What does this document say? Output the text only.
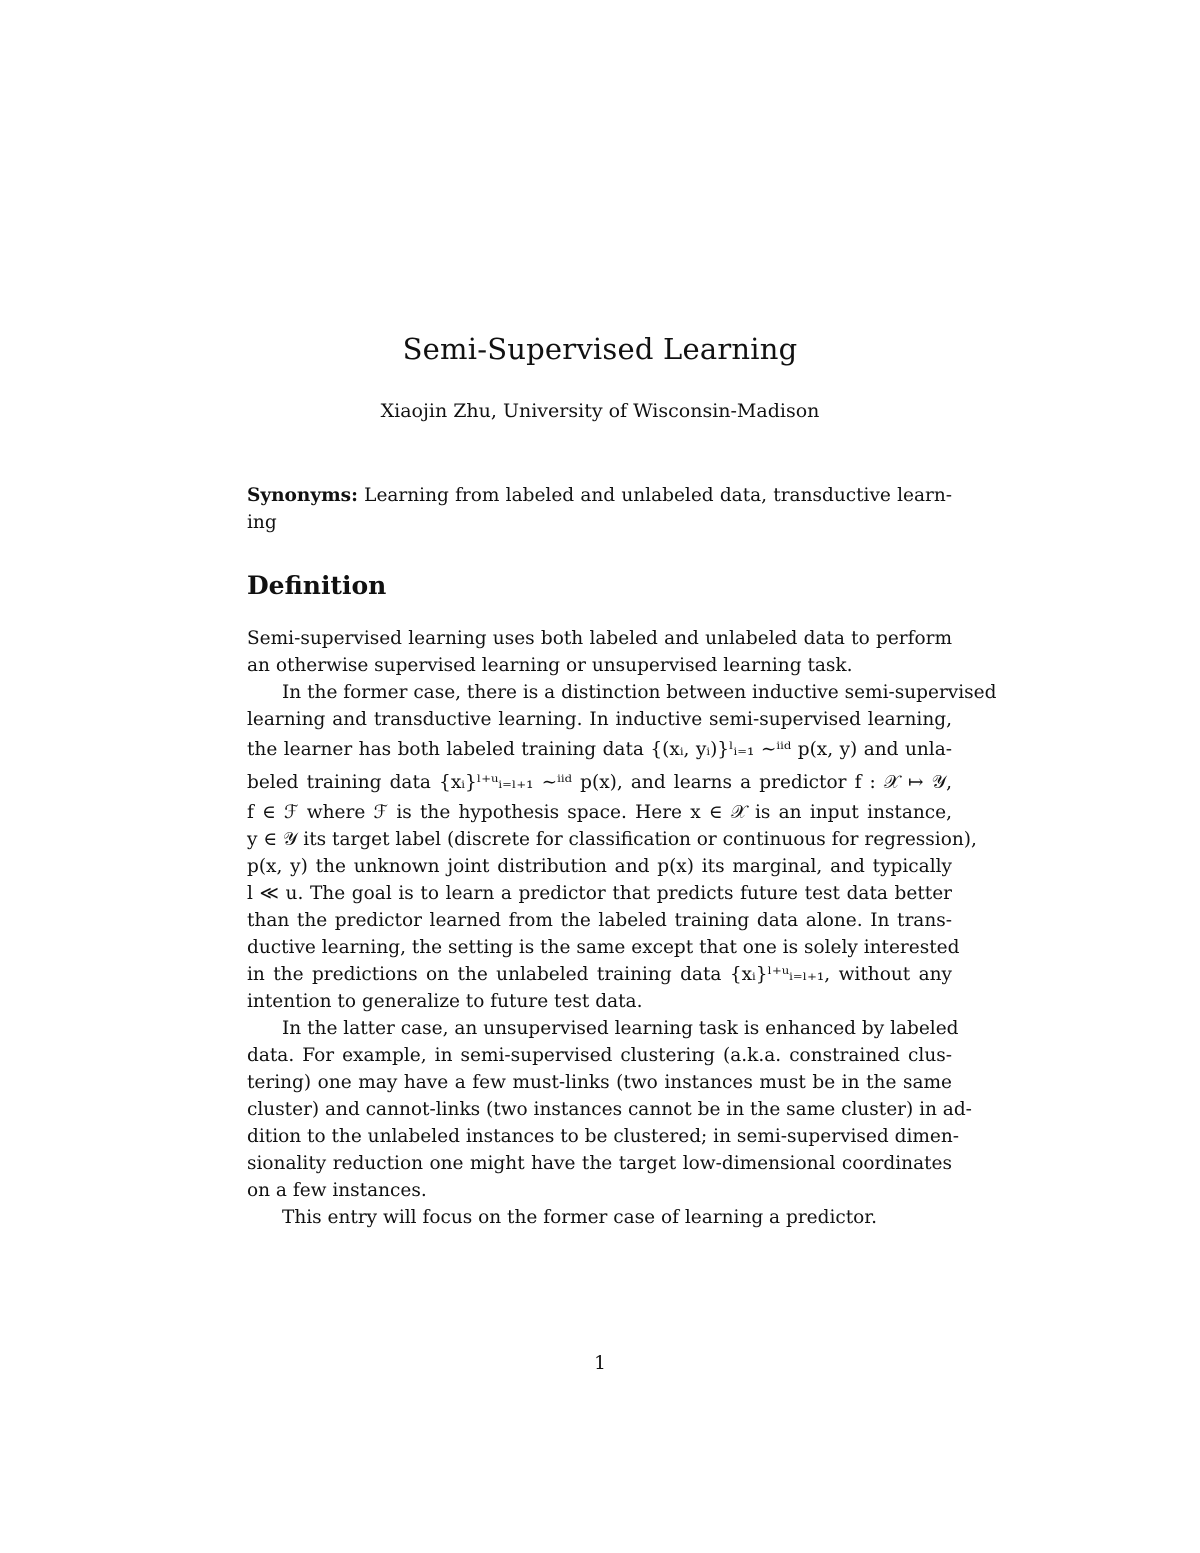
Semi-Supervised Learning
Xiaojin Zhu, University of Wisconsin-Madison
Synonyms: Learning from labeled and unlabeled data, transductive learn-
ing
Definition
Semi-supervised learning uses both labeled and unlabeled data to perform
an otherwise supervised learning or unsupervised learning task.
In the former case, there is a distinction between inductive semi-supervised
learning and transductive learning. In inductive semi-supervised learning,
the learner has both labeled training data {(xᵢ, yᵢ)}ˡᵢ₌₁ ∼ⁱⁱᵈ p(x, y) and unla-
beled training data {xᵢ}ˡ⁺ᵘᵢ₌ₗ₊₁ ∼ⁱⁱᵈ p(x), and learns a predictor f : 𝒳 ↦ 𝒴,
f ∈ ℱ where ℱ is the hypothesis space. Here x ∈ 𝒳 is an input instance,
y ∈ 𝒴 its target label (discrete for classification or continuous for regression),
p(x, y) the unknown joint distribution and p(x) its marginal, and typically
l ≪ u. The goal is to learn a predictor that predicts future test data better
than the predictor learned from the labeled training data alone. In trans-
ductive learning, the setting is the same except that one is solely interested
in the predictions on the unlabeled training data {xᵢ}ˡ⁺ᵘᵢ₌ₗ₊₁, without any
intention to generalize to future test data.
In the latter case, an unsupervised learning task is enhanced by labeled
data. For example, in semi-supervised clustering (a.k.a. constrained clus-
tering) one may have a few must-links (two instances must be in the same
cluster) and cannot-links (two instances cannot be in the same cluster) in ad-
dition to the unlabeled instances to be clustered; in semi-supervised dimen-
sionality reduction one might have the target low-dimensional coordinates
on a few instances.
This entry will focus on the former case of learning a predictor.
1
